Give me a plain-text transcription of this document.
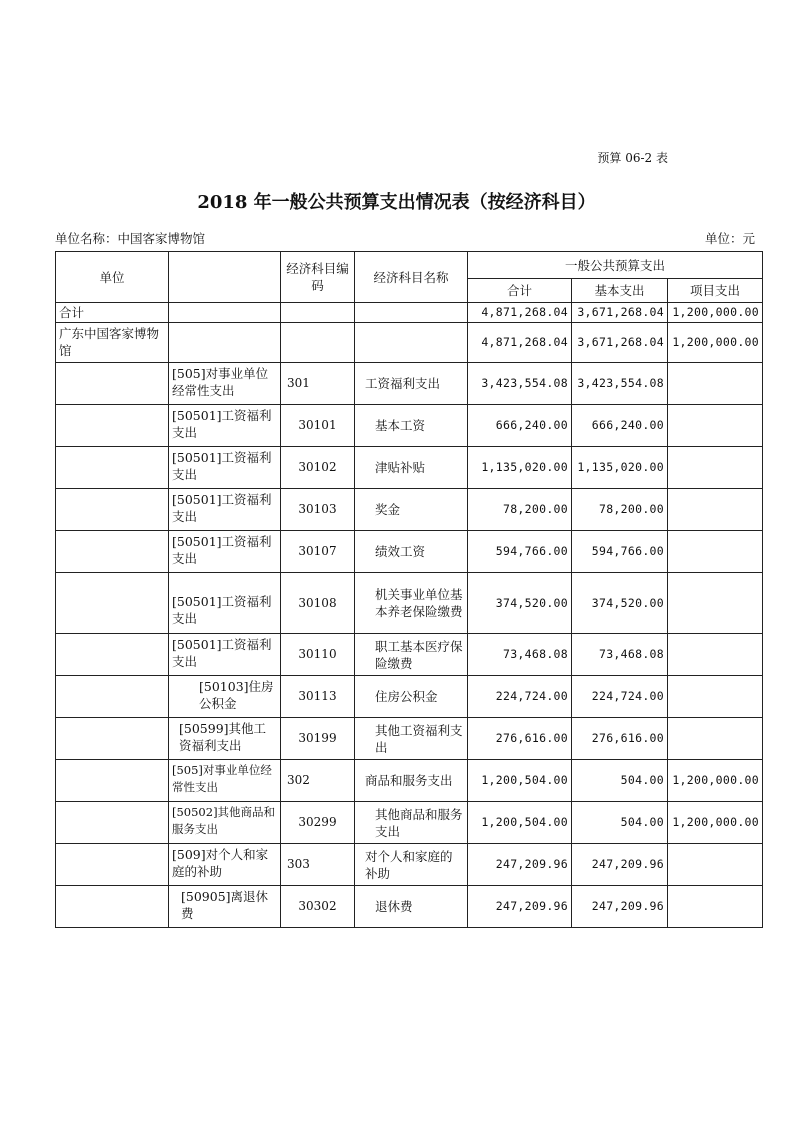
预算 06-2 表
2018 年一般公共预算支出情况表（按经济科目）
单位名称：中国客家博物馆	单位：元
单位		经济科目编码	经济科目名称	一般公共预算支出		
				合计	基本支出	项目支出
合计				4,871,268.04	3,671,268.04	1,200,000.00
广东中国客家博物馆				4,871,268.04	3,671,268.04	1,200,000.00
	[505]对事业单位经常性支出	301	工资福利支出	3,423,554.08	3,423,554.08	
	[50501]工资福利支出	30101	基本工资	666,240.00	666,240.00	
	[50501]工资福利支出	30102	津贴补贴	1,135,020.00	1,135,020.00	
	[50501]工资福利支出	30103	奖金	78,200.00	78,200.00	
	[50501]工资福利支出	30107	绩效工资	594,766.00	594,766.00	
	[50501]工资福利支出	30108	机关事业单位基本养老保险缴费	374,520.00	374,520.00	
	[50501]工资福利支出	30110	职工基本医疗保险缴费	73,468.08	73,468.08	
	[50103]住房公积金	30113	住房公积金	224,724.00	224,724.00	
	[50599]其他工资福利支出	30199	其他工资福利支出	276,616.00	276,616.00	
	[505]对事业单位经常性支出	302	商品和服务支出	1,200,504.00	504.00	1,200,000.00
	[50502]其他商品和服务支出	30299	其他商品和服务支出	1,200,504.00	504.00	1,200,000.00
	[509]对个人和家庭的补助	303	对个人和家庭的补助	247,209.96	247,209.96	
	[50905]离退休费	30302	退休费	247,209.96	247,209.96	
